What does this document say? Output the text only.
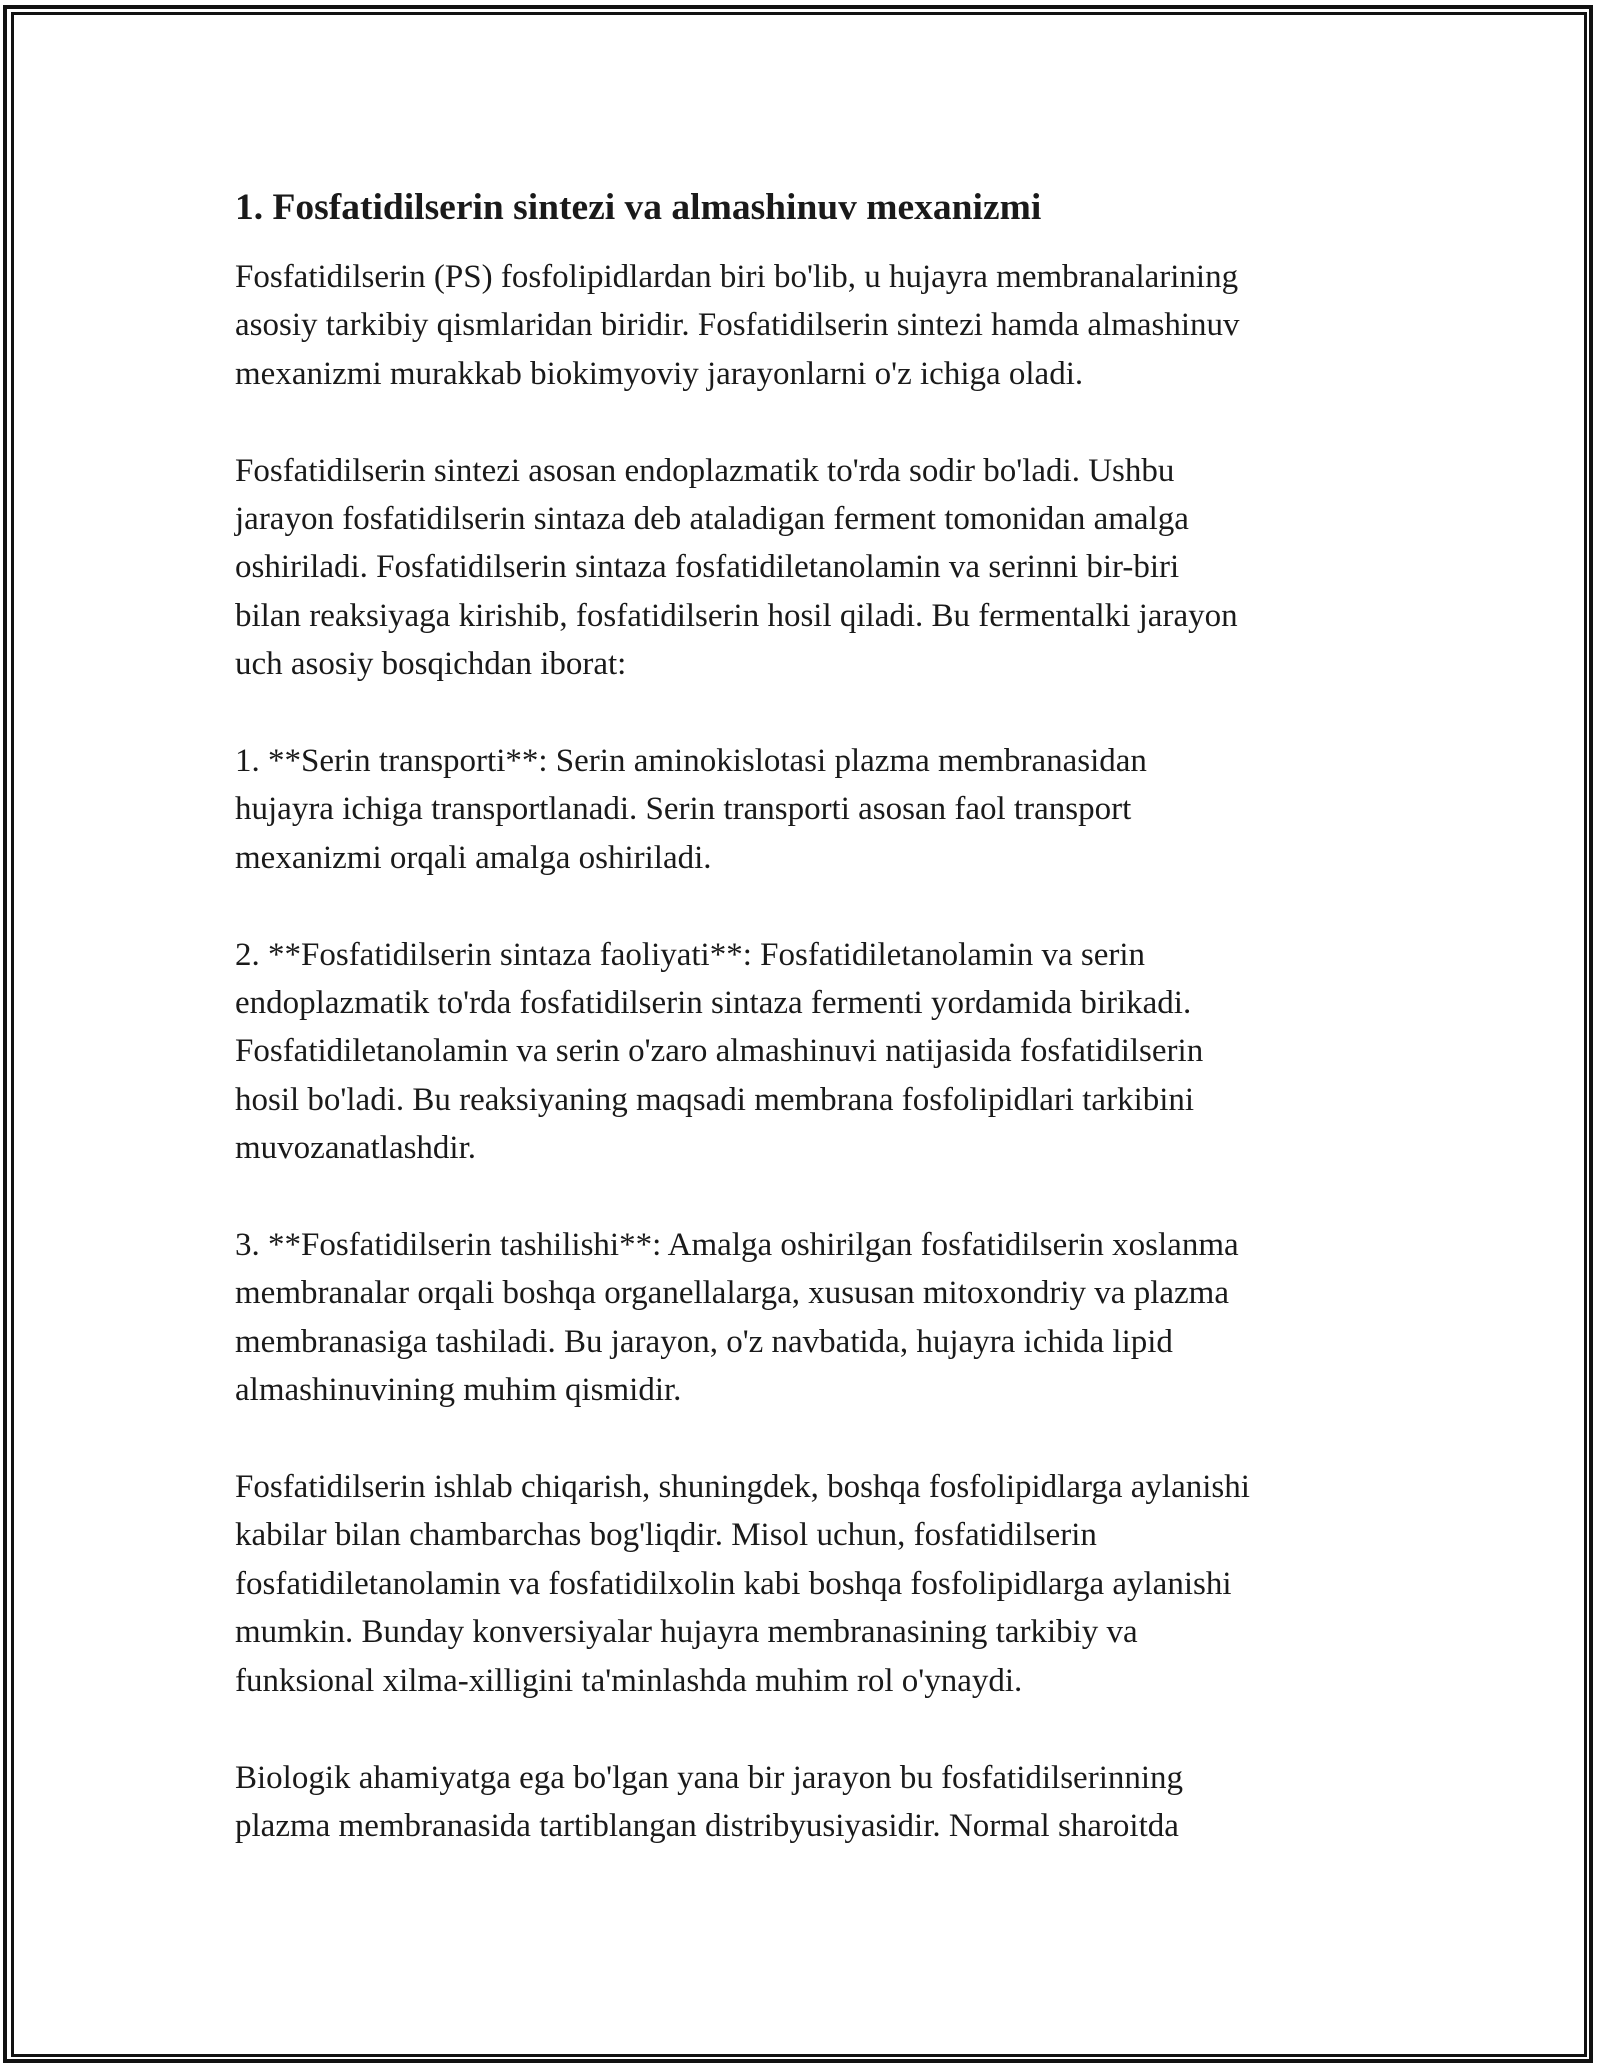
1. Fosfatidilserin sintezi va almashinuv mexanizmi

Fosfatidilserin (PS) fosfolipidlardan biri bo'lib, u hujayra membranalarining
asosiy tarkibiy qismlaridan biridir. Fosfatidilserin sintezi hamda almashinuv
mexanizmi murakkab biokimyoviy jarayonlarni o'z ichiga oladi.

Fosfatidilserin sintezi asosan endoplazmatik to'rda sodir bo'ladi. Ushbu
jarayon fosfatidilserin sintaza deb ataladigan ferment tomonidan amalga
oshiriladi. Fosfatidilserin sintaza fosfatidiletanolamin va serinni bir-biri
bilan reaksiyaga kirishib, fosfatidilserin hosil qiladi. Bu fermentalki jarayon
uch asosiy bosqichdan iborat:

1. **Serin transporti**: Serin aminokislotasi plazma membranasidan
hujayra ichiga transportlanadi. Serin transporti asosan faol transport
mexanizmi orqali amalga oshiriladi.

2. **Fosfatidilserin sintaza faoliyati**: Fosfatidiletanolamin va serin
endoplazmatik to'rda fosfatidilserin sintaza fermenti yordamida birikadi.
Fosfatidiletanolamin va serin o'zaro almashinuvi natijasida fosfatidilserin
hosil bo'ladi. Bu reaksiyaning maqsadi membrana fosfolipidlari tarkibini
muvozanatlashdir.

3. **Fosfatidilserin tashilishi**: Amalga oshirilgan fosfatidilserin xoslanma
membranalar orqali boshqa organellalarga, xususan mitoxondriy va plazma
membranasiga tashiladi. Bu jarayon, o'z navbatida, hujayra ichida lipid
almashinuvining muhim qismidir.

Fosfatidilserin ishlab chiqarish, shuningdek, boshqa fosfolipidlarga aylanishi
kabilar bilan chambarchas bog'liqdir. Misol uchun, fosfatidilserin
fosfatidiletanolamin va fosfatidilxolin kabi boshqa fosfolipidlarga aylanishi
mumkin. Bunday konversiyalar hujayra membranasining tarkibiy va
funksional xilma-xilligini ta'minlashda muhim rol o'ynaydi.

Biologik ahamiyatga ega bo'lgan yana bir jarayon bu fosfatidilserinning
plazma membranasida tartiblangan distribyusiyasidir. Normal sharoitda
